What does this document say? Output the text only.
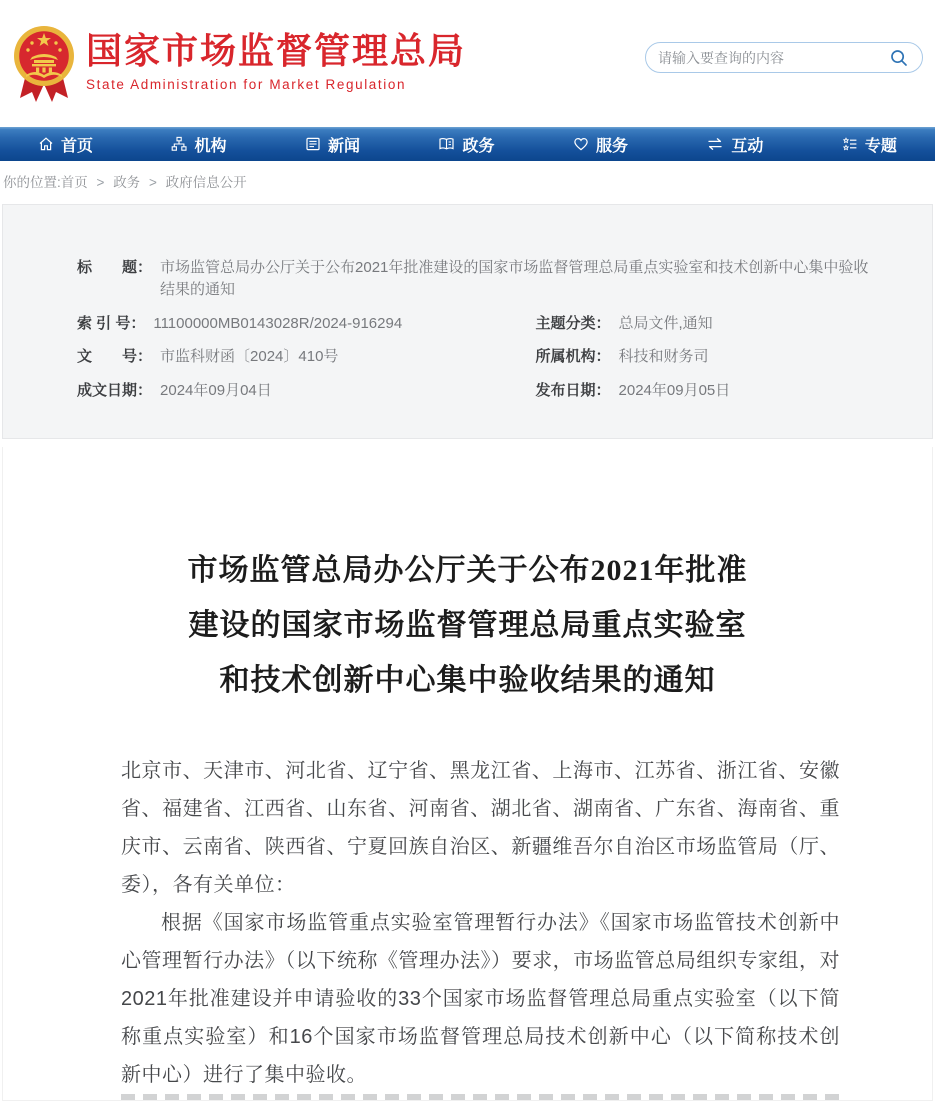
国家市场监督管理总局
State Administration for Market Regulation
请输入要查询的内容
首页	机构	新闻	政务	服务	互动	专题
你的位置:首页 > 政务 > 政府信息公开
标　　题： 市场监管总局办公厅关于公布2021年批准建设的国家市场监督管理总局重点实验室和技术创新中心集中验收结果的通知
索 引 号： 11100000MB0143028R/2024-916294
文　　号： 市监科财函〔2024〕410号
成文日期： 2024年09月04日
主题分类： 总局文件,通知
所属机构： 科技和财务司
发布日期： 2024年09月05日
市场监管总局办公厅关于公布2021年批准
建设的国家市场监督管理总局重点实验室
和技术创新中心集中验收结果的通知

北京市、天津市、河北省、辽宁省、黑龙江省、上海市、江苏省、浙江省、安徽省、福建省、江西省、山东省、河南省、湖北省、湖南省、广东省、海南省、重庆市、云南省、陕西省、宁夏回族自治区、新疆维吾尔自治区市场监管局（厅、委），各有关单位：

根据《国家市场监管重点实验室管理暂行办法》《国家市场监管技术创新中心管理暂行办法》（以下统称《管理办法》）要求，市场监管总局组织专家组，对2021年批准建设并申请验收的33个国家市场监督管理总局重点实验室（以下简称重点实验室）和16个国家市场监督管理总局技术创新中心（以下简称技术创新中心）进行了集中验收。
